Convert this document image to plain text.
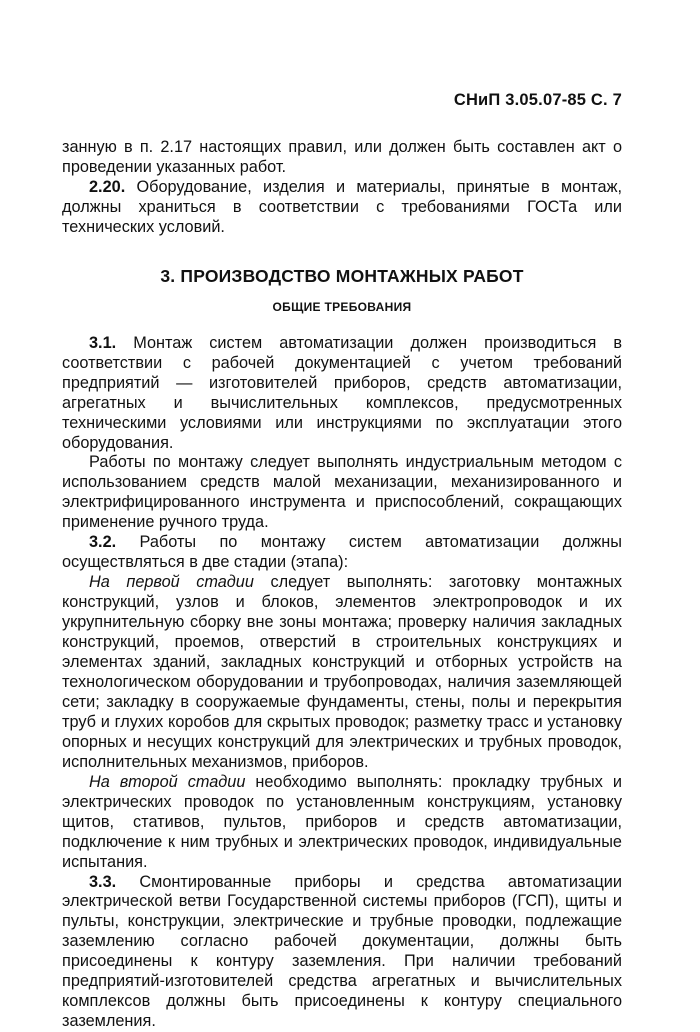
СНиП 3.05.07-85 С. 7

занную в п. 2.17 настоящих правил, или должен быть составлен акт о проведении указанных работ.

2.20. Оборудование, изделия и материалы, принятые в монтаж, должны храниться в соответствии с требованиями ГОСТа или технических условий.

3. ПРОИЗВОДСТВО МОНТАЖНЫХ РАБОТ
ОБЩИЕ ТРЕБОВАНИЯ

3.1. Монтаж систем автоматизации должен производиться в соответствии с рабочей документацией с учетом требований предприятий — изготовителей приборов, средств автоматизации, агрегатных и вычислительных комплексов, предусмотренных техническими условиями или инструкциями по эксплуатации этого оборудования.

Работы по монтажу следует выполнять индустриальным методом с использованием средств малой механизации, механизированного и электрифицированного инструмента и приспособлений, сокращающих применение ручного труда.

3.2. Работы по монтажу систем автоматизации должны осуществляться в две стадии (этапа):

На первой стадии следует выполнять: заготовку монтажных конструкций, узлов и блоков, элементов электропроводок и их укрупнительную сборку вне зоны монтажа; проверку наличия закладных конструкций, проемов, отверстий в строительных конструкциях и элементах зданий, закладных конструкций и отборных устройств на технологическом оборудовании и трубопроводах, наличия заземляющей сети; закладку в сооружаемые фундаменты, стены, полы и перекрытия труб и глухих коробов для скрытых проводок; разметку трасс и установку опорных и несущих конструкций для электрических и трубных проводок, исполнительных механизмов, приборов.

На второй стадии необходимо выполнять: прокладку трубных и электрических проводок по установленным конструкциям, установку щитов, стативов, пультов, приборов и средств автоматизации, подключение к ним трубных и электрических проводок, индивидуальные испытания.

3.3. Смонтированные приборы и средства автоматизации электрической ветви Государственной системы приборов (ГСП), щиты и пульты, конструкции, электрические и трубные проводки, подлежащие заземлению согласно рабочей документации, должны быть присоединены к контуру заземления. При наличии требований предприятий-изготовителей средства агрегатных и вычислительных комплексов должны быть присоединены к контуру специального заземления.
